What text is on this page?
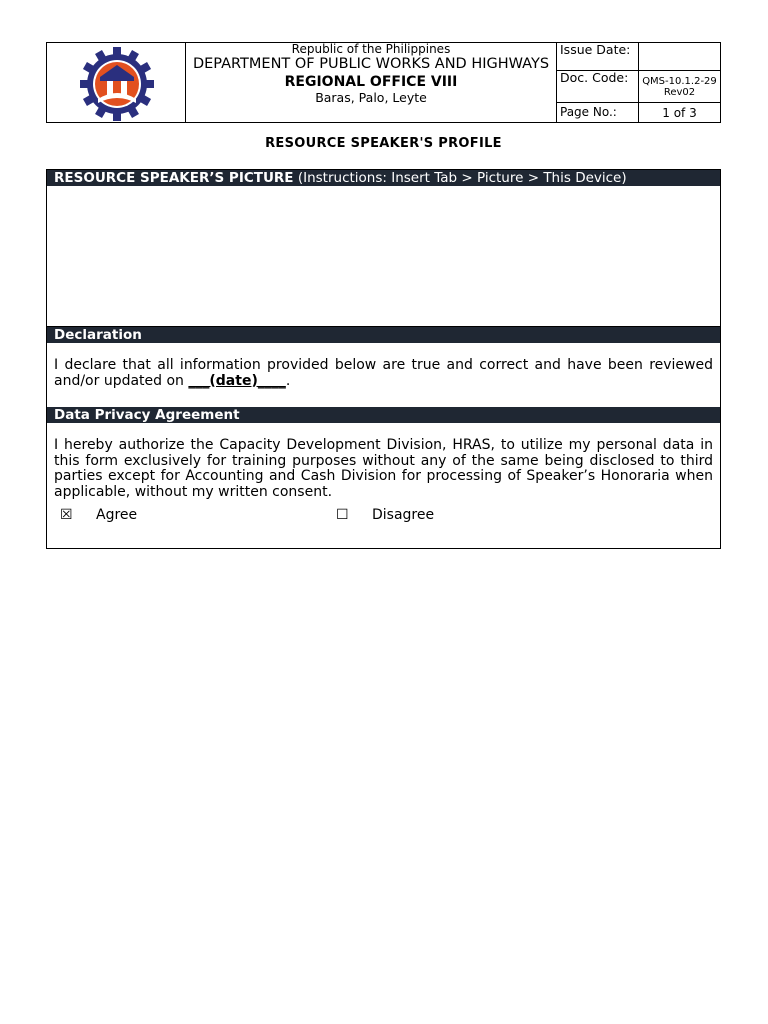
Republic of the Philippines
DEPARTMENT OF PUBLIC WORKS AND HIGHWAYS
REGIONAL OFFICE VIII
Baras, Palo, Leyte
Issue Date:
Doc. Code:	QMS-10.1.2-29 Rev02
Page No.:	1 of 3
RESOURCE SPEAKER'S PROFILE
RESOURCE SPEAKER’S PICTURE (Instructions: Insert Tab > Picture > This Device)
Declaration
I declare that all information provided below are true and correct and have been reviewed and/or updated on ___(date)____.
Data Privacy Agreement
I hereby authorize the Capacity Development Division, HRAS, to utilize my personal data in this form exclusively for training purposes without any of the same being disclosed to third parties except for Accounting and Cash Division for processing of Speaker’s Honoraria when applicable, without my written consent.
☒	Agree	☐	Disagree
